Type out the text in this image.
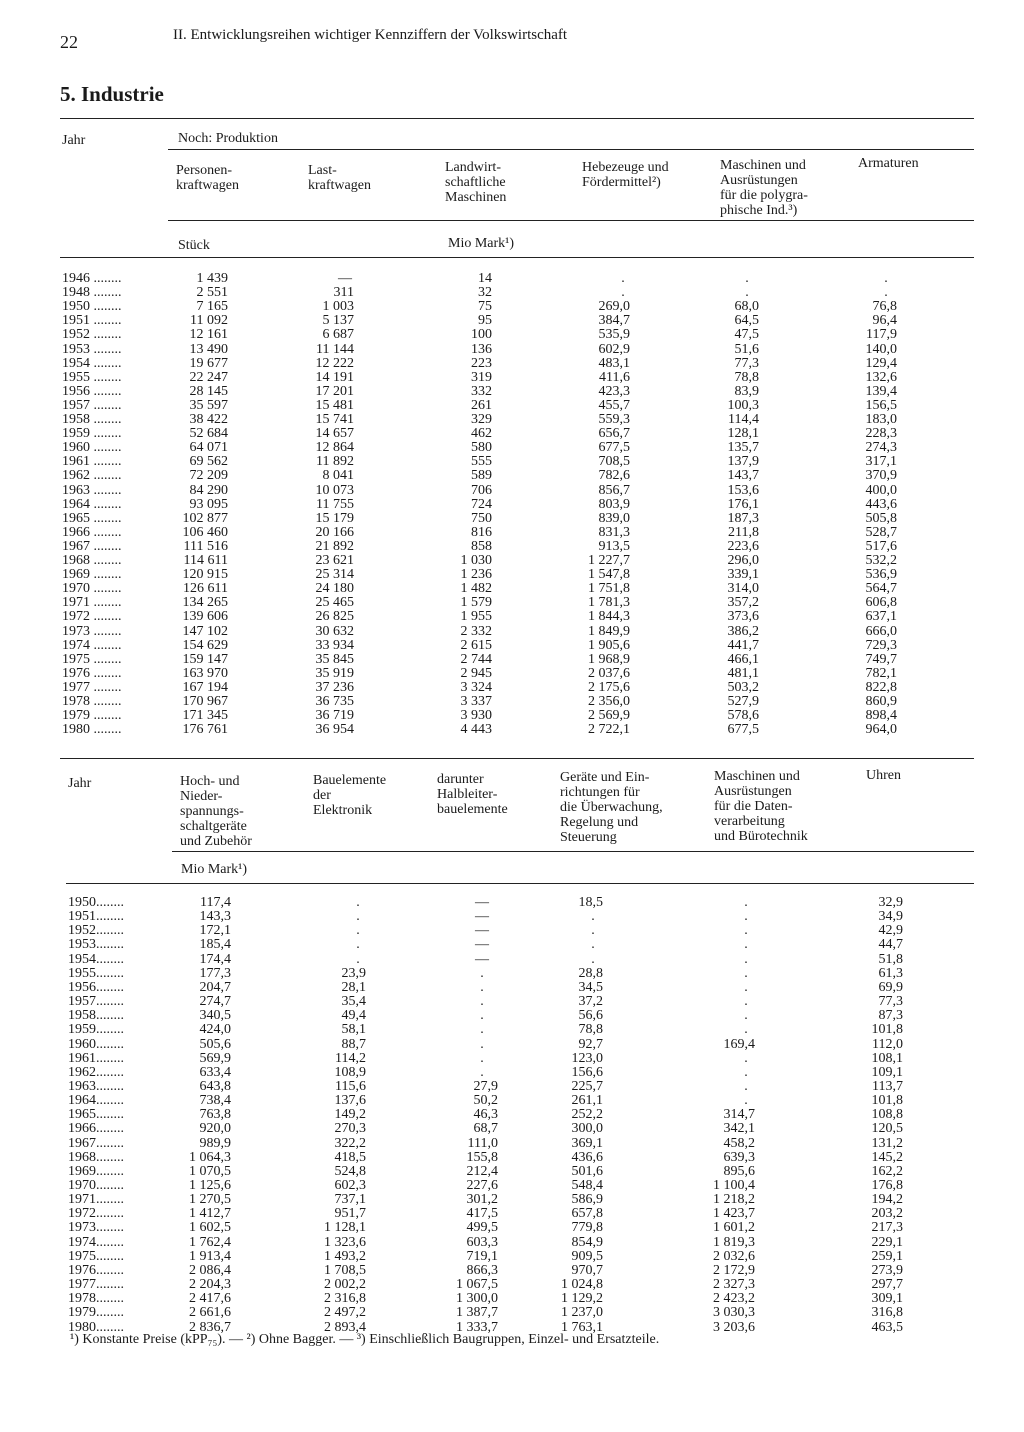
22	II. Entwicklungsreihen wichtiger Kennziffern der Volkswirtschaft
5. Industrie
Jahr	Noch: Produktion
Personen-
kraftwagen
Last-
kraftwagen
Landwirt-
schaftliche
Maschinen
Hebezeuge und
Fördermittel²)
Maschinen und
Ausrüstungen
für die polygra-
phische Ind.³)
Armaturen
Stück	Mio Mark¹)
1946 ........	1 439	—	14	.	.	.
1948 ........	2 551	311	32	.	.	.
1950 ........	7 165	1 003	75	269,0	68,0	76,8
1951 ........	11 092	5 137	95	384,7	64,5	96,4
1952 ........	12 161	6 687	100	535,9	47,5	117,9
1953 ........	13 490	11 144	136	602,9	51,6	140,0
1954 ........	19 677	12 222	223	483,1	77,3	129,4
1955 ........	22 247	14 191	319	411,6	78,8	132,6
1956 ........	28 145	17 201	332	423,3	83,9	139,4
1957 ........	35 597	15 481	261	455,7	100,3	156,5
1958 ........	38 422	15 741	329	559,3	114,4	183,0
1959 ........	52 684	14 657	462	656,7	128,1	228,3
1960 ........	64 071	12 864	580	677,5	135,7	274,3
1961 ........	69 562	11 892	555	708,5	137,9	317,1
1962 ........	72 209	8 041	589	782,6	143,7	370,9
1963 ........	84 290	10 073	706	856,7	153,6	400,0
1964 ........	93 095	11 755	724	803,9	176,1	443,6
1965 ........	102 877	15 179	750	839,0	187,3	505,8
1966 ........	106 460	20 166	816	831,3	211,8	528,7
1967 ........	111 516	21 892	858	913,5	223,6	517,6
1968 ........	114 611	23 621	1 030	1 227,7	296,0	532,2
1969 ........	120 915	25 314	1 236	1 547,8	339,1	536,9
1970 ........	126 611	24 180	1 482	1 751,8	314,0	564,7
1971 ........	134 265	25 465	1 579	1 781,3	357,2	606,8
1972 ........	139 606	26 825	1 955	1 844,3	373,6	637,1
1973 ........	147 102	30 632	2 332	1 849,9	386,2	666,0
1974 ........	154 629	33 934	2 615	1 905,6	441,7	729,3
1975 ........	159 147	35 845	2 744	1 968,9	466,1	749,7
1976 ........	163 970	35 919	2 945	2 037,6	481,1	782,1
1977 ........	167 194	37 236	3 324	2 175,6	503,2	822,8
1978 ........	170 967	36 735	3 337	2 356,0	527,9	860,9
1979 ........	171 345	36 719	3 930	2 569,9	578,6	898,4
1980 ........	176 761	36 954	4 443	2 722,1	677,5	964,0
Jahr	Hoch- und
Nieder-
spannungs-
schaltgeräte
und Zubehör
Bauelemente
der
Elektronik
darunter
Halbleiter-
bauelemente
Geräte und Ein-
richtungen für
die Überwachung,
Regelung und
Steuerung
Maschinen und
Ausrüstungen
für die Daten-
verarbeitung
und Bürotechnik
Uhren
Mio Mark¹)
1950........	117,4	.	—	18,5	.	32,9
1951........	143,3	.	—	.	.	34,9
1952........	172,1	.	—	.	.	42,9
1953........	185,4	.	—	.	.	44,7
1954........	174,4	.	—	.	.	51,8
1955........	177,3	23,9	.	28,8	.	61,3
1956........	204,7	28,1	.	34,5	.	69,9
1957........	274,7	35,4	.	37,2	.	77,3
1958........	340,5	49,4	.	56,6	.	87,3
1959........	424,0	58,1	.	78,8	.	101,8
1960........	505,6	88,7	.	92,7	169,4	112,0
1961........	569,9	114,2	.	123,0	.	108,1
1962........	633,4	108,9	.	156,6	.	109,1
1963........	643,8	115,6	27,9	225,7	.	113,7
1964........	738,4	137,6	50,2	261,1	.	101,8
1965........	763,8	149,2	46,3	252,2	314,7	108,8
1966........	920,0	270,3	68,7	300,0	342,1	120,5
1967........	989,9	322,2	111,0	369,1	458,2	131,2
1968........	1 064,3	418,5	155,8	436,6	639,3	145,2
1969........	1 070,5	524,8	212,4	501,6	895,6	162,2
1970........	1 125,6	602,3	227,6	548,4	1 100,4	176,8
1971........	1 270,5	737,1	301,2	586,9	1 218,2	194,2
1972........	1 412,7	951,7	417,5	657,8	1 423,7	203,2
1973........	1 602,5	1 128,1	499,5	779,8	1 601,2	217,3
1974........	1 762,4	1 323,6	603,3	854,9	1 819,3	229,1
1975........	1 913,4	1 493,2	719,1	909,5	2 032,6	259,1
1976........	2 086,4	1 708,5	866,3	970,7	2 172,9	273,9
1977........	2 204,3	2 002,2	1 067,5	1 024,8	2 327,3	297,7
1978........	2 417,6	2 316,8	1 300,0	1 129,2	2 423,2	309,1
1979........	2 661,6	2 497,2	1 387,7	1 237,0	3 030,3	316,8
1980........	2 836,7	2 893,4	1 333,7	1 763,1	3 203,6	463,5
¹) Konstante Preise (kPP₇₅). — ²) Ohne Bagger. — ³) Einschließlich Baugruppen, Einzel- und Ersatzteile.
